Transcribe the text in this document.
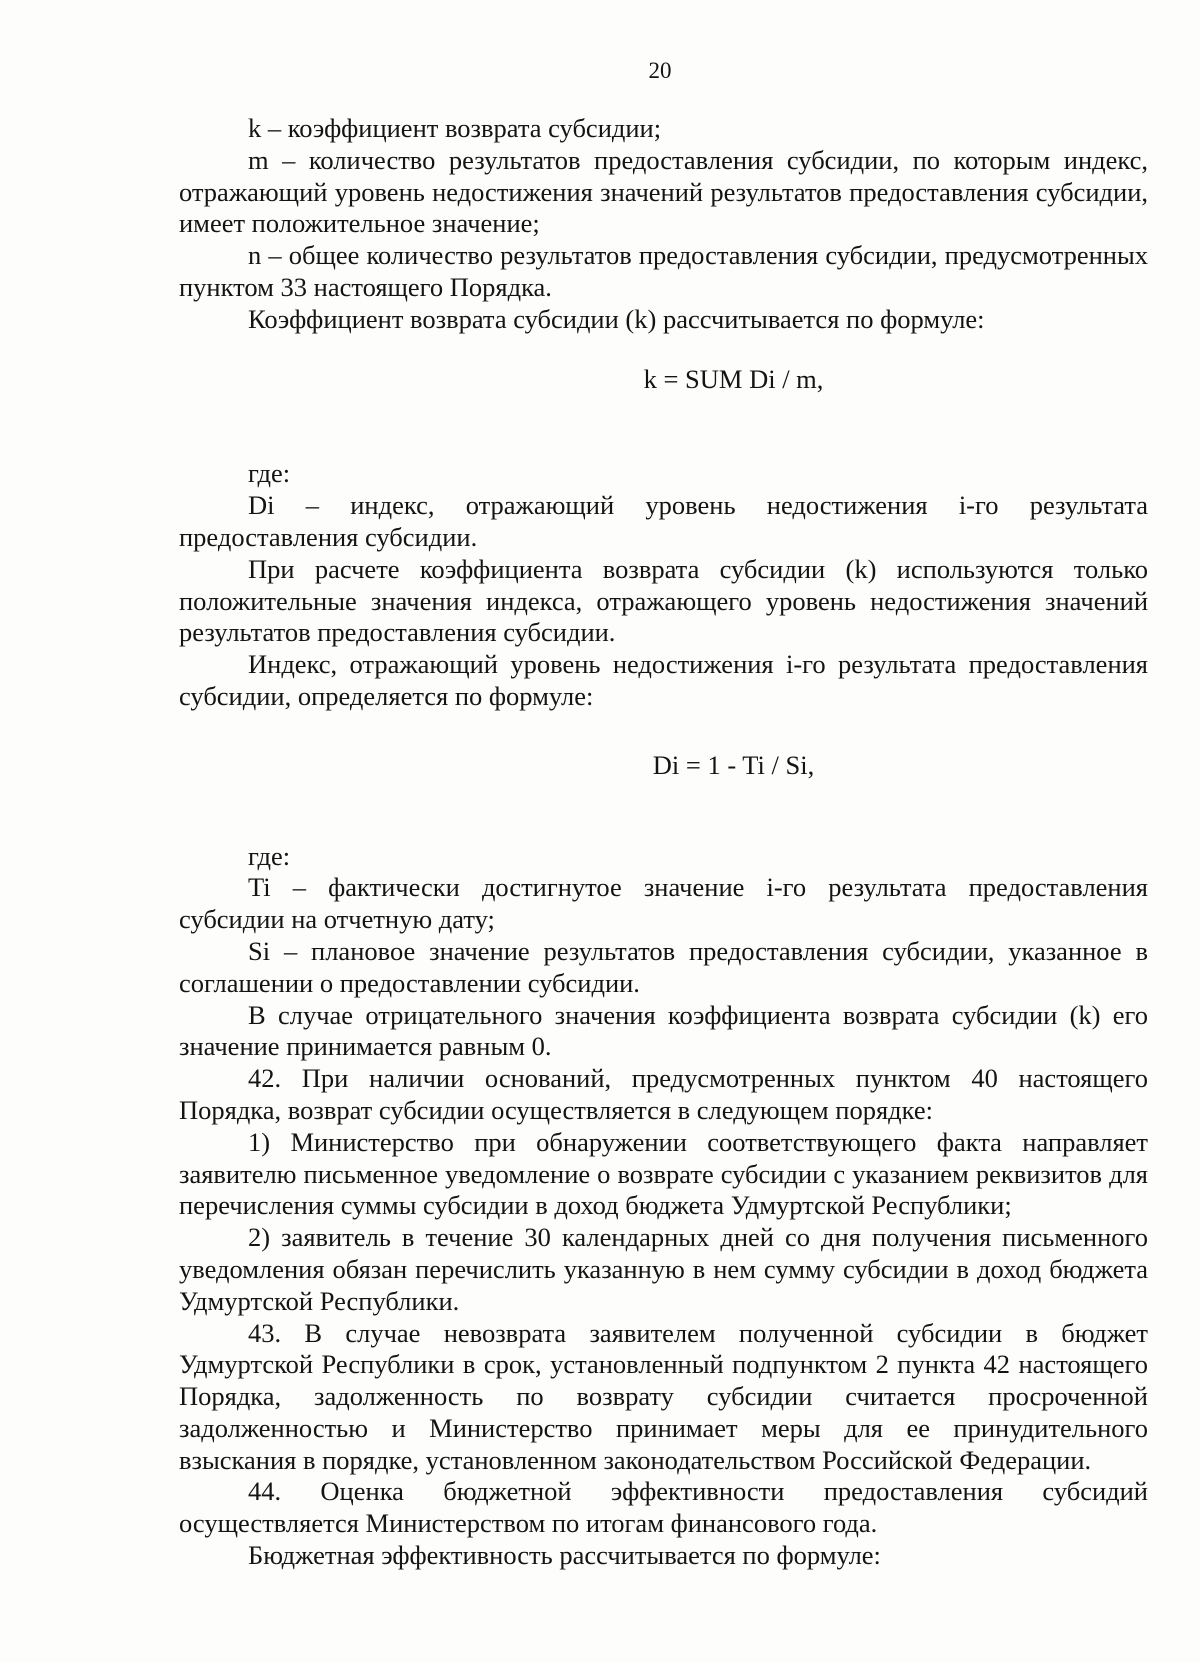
20

k – коэффициент возврата субсидии;

m – количество результатов предоставления субсидии, по которым индекс, отражающий уровень недостижения значений результатов предоставления субсидии, имеет положительное значение;

n – общее количество результатов предоставления субсидии, предусмотренных пунктом 33 настоящего Порядка.

Коэффициент возврата субсидии (k) рассчитывается по формуле:

k = SUM Di / m,

где:

Di – индекс, отражающий уровень недостижения i-го результата предоставления субсидии.

При расчете коэффициента возврата субсидии (k) используются только положительные значения индекса, отражающего уровень недостижения значений результатов предоставления субсидии.

Индекс, отражающий уровень недостижения i-го результата предоставления субсидии, определяется по формуле:

Di = 1 - Ti / Si,

где:

Ti – фактически достигнутое значение i-го результата предоставления субсидии на отчетную дату;

Si – плановое значение результатов предоставления субсидии, указанное в соглашении о предоставлении субсидии.

В случае отрицательного значения коэффициента возврата субсидии (k) его значение принимается равным 0.

42. При наличии оснований, предусмотренных пунктом 40 настоящего Порядка, возврат субсидии осуществляется в следующем порядке:

1) Министерство при обнаружении соответствующего факта направляет заявителю письменное уведомление о возврате субсидии с указанием реквизитов для перечисления суммы субсидии в доход бюджета Удмуртской Республики;

2) заявитель в течение 30 календарных дней со дня получения письменного уведомления обязан перечислить указанную в нем сумму субсидии в доход бюджета Удмуртской Республики.

43. В случае невозврата заявителем полученной субсидии в бюджет Удмуртской Республики в срок, установленный подпунктом 2 пункта 42 настоящего Порядка, задолженность по возврату субсидии считается просроченной задолженностью и Министерство принимает меры для ее принудительного взыскания в порядке, установленном законодательством Российской Федерации.

44. Оценка бюджетной эффективности предоставления субсидий осуществляется Министерством по итогам финансового года.

Бюджетная эффективность рассчитывается по формуле:
